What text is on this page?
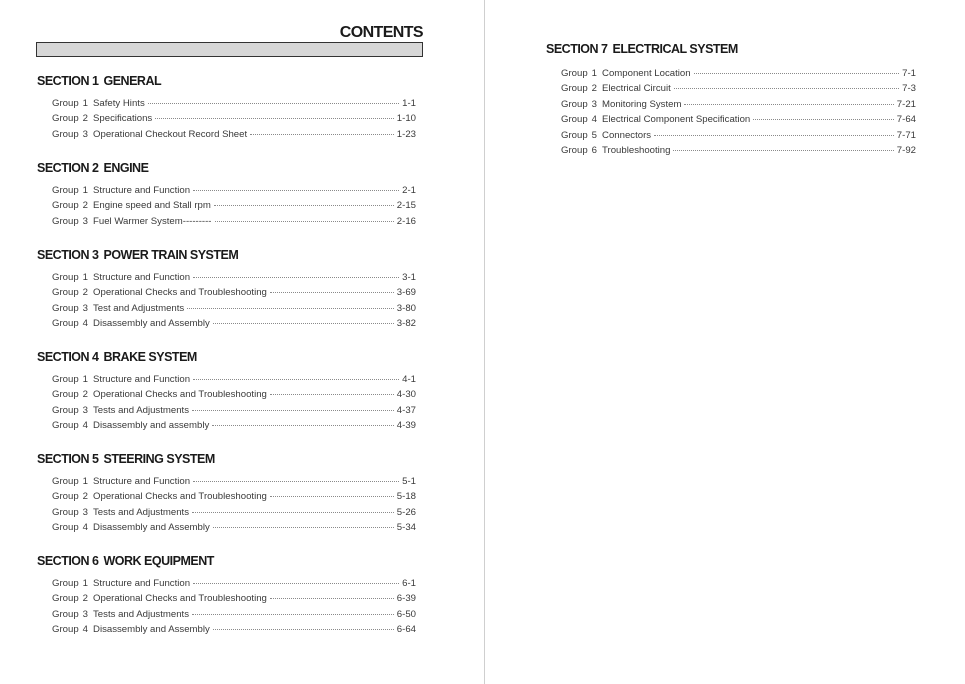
CONTENTS
SECTION 1 GENERAL
Group 1 Safety Hints	1-1
Group 2 Specifications	1-10
Group 3 Operational Checkout Record Sheet	1-23
SECTION 2 ENGINE
Group 1 Structure and Function	2-1
Group 2 Engine speed and Stall rpm	2-15
Group 3 Fuel Warmer System---------	2-16
SECTION 3 POWER TRAIN SYSTEM
Group 1 Structure and Function	3-1
Group 2 Operational Checks and Troubleshooting	3-69
Group 3 Test and Adjustments	3-80
Group 4 Disassembly and Assembly	3-82
SECTION 4 BRAKE SYSTEM
Group 1 Structure and Function	4-1
Group 2 Operational Checks and Troubleshooting	4-30
Group 3 Tests and Adjustments	4-37
Group 4 Disassembly and assembly	4-39
SECTION 5 STEERING SYSTEM
Group 1 Structure and Function	5-1
Group 2 Operational Checks and Troubleshooting	5-18
Group 3 Tests and Adjustments	5-26
Group 4 Disassembly and Assembly	5-34
SECTION 6 WORK EQUIPMENT
Group 1 Structure and Function	6-1
Group 2 Operational Checks and Troubleshooting	6-39
Group 3 Tests and Adjustments	6-50
Group 4 Disassembly and Assembly	6-64
SECTION 7 ELECTRICAL SYSTEM
Group 1 Component Location	7-1
Group 2 Electrical Circuit	7-3
Group 3 Monitoring System	7-21
Group 4 Electrical Component Specification	7-64
Group 5 Connectors	7-71
Group 6 Troubleshooting	7-92
